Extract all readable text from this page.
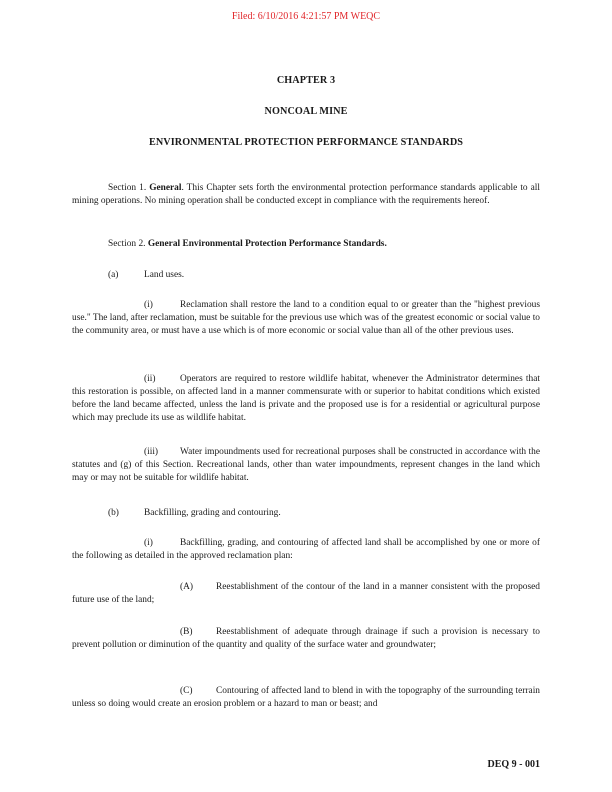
Filed: 6/10/2016 4:21:57 PM WEQC

CHAPTER 3

NONCOAL MINE

ENVIRONMENTAL PROTECTION PERFORMANCE STANDARDS

Section 1. General. This Chapter sets forth the environmental protection performance standards applicable to all mining operations. No mining operation shall be conducted except in compliance with the requirements hereof.

Section 2. General Environmental Protection Performance Standards.

(a)	Land uses.

(i)	Reclamation shall restore the land to a condition equal to or greater than the "highest previous use." The land, after reclamation, must be suitable for the previous use which was of the greatest economic or social value to the community area, or must have a use which is of more economic or social value than all of the other previous uses.

(ii)	Operators are required to restore wildlife habitat, whenever the Administrator determines that this restoration is possible, on affected land in a manner commensurate with or superior to habitat conditions which existed before the land became affected, unless the land is private and the proposed use is for a residential or agricultural purpose which may preclude its use as wildlife habitat.

(iii) Water impoundments used for recreational purposes shall be constructed in accordance with the statutes and (g) of this Section. Recreational lands, other than water impoundments, represent changes in the land which may or may not be suitable for wildlife habitat.

(b)	Backfilling, grading and contouring.

(i)	Backfilling, grading, and contouring of affected land shall be accomplished by one or more of the following as detailed in the approved reclamation plan:

(A) Reestablishment of the contour of the land in a manner consistent with the proposed future use of the land;

(B)	Reestablishment of adequate through drainage if such a provision is necessary to prevent pollution or diminution of the quantity and quality of the surface water and groundwater;

(C)	Contouring of affected land to blend in with the topography of the surrounding terrain unless so doing would create an erosion problem or a hazard to man or beast; and

DEQ 9 - 001
